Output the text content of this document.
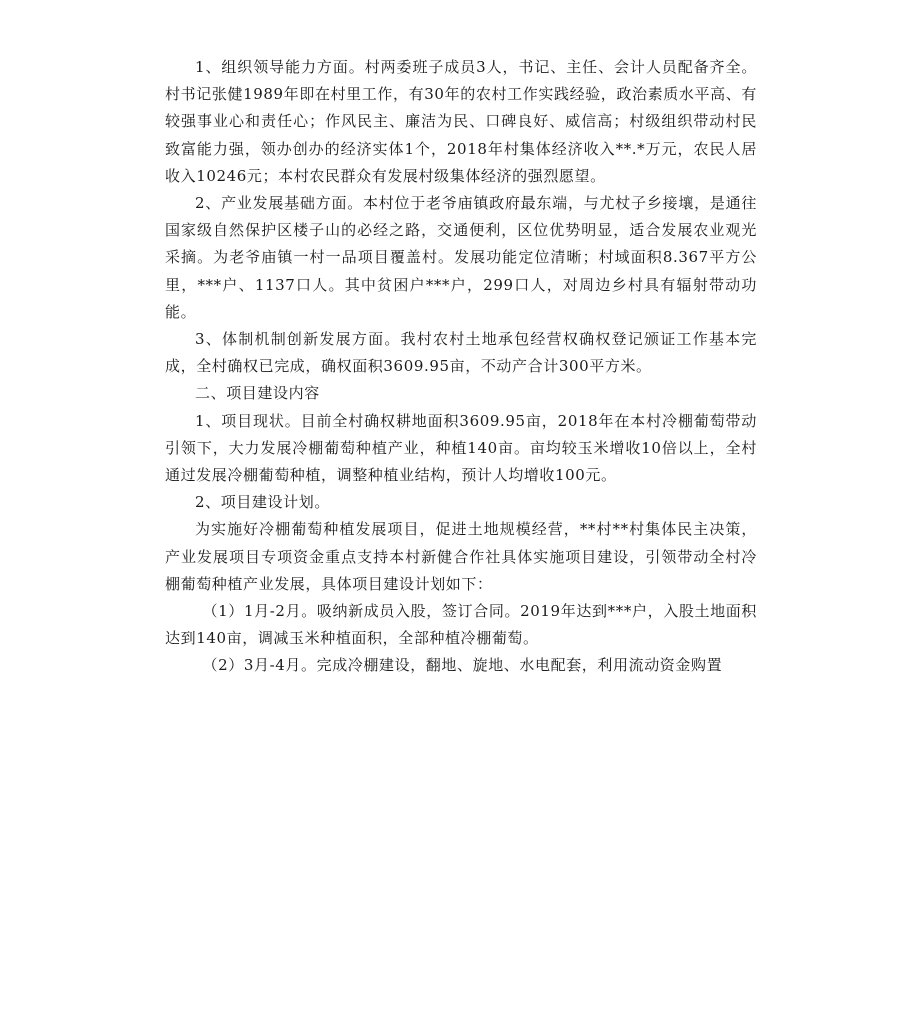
1、组织领导能力方面。村两委班子成员3人，书记、主任、会计人员配备齐全。村书记张健1989年即在村里工作，有30年的农村工作实践经验，政治素质水平高、有较强事业心和责任心；作风民主、廉洁为民、口碑良好、威信高；村级组织带动村民致富能力强，领办创办的经济实体1个，2018年村集体经济收入**.*万元，农民人居收入10246元；本村农民群众有发展村级集体经济的强烈愿望。

2、产业发展基础方面。本村位于老爷庙镇政府最东端，与尤杖子乡接壤，是通往国家级自然保护区楼子山的必经之路，交通便利，区位优势明显，适合发展农业观光采摘。为老爷庙镇一村一品项目覆盖村。发展功能定位清晰；村域面积8.367平方公里，***户、1137口人。其中贫困户***户，299口人，对周边乡村具有辐射带动功能。

3、体制机制创新发展方面。我村农村土地承包经营权确权登记颁证工作基本完成，全村确权已完成，确权面积3609.95亩，不动产合计300平方米。

二、项目建设内容

1、项目现状。目前全村确权耕地面积3609.95亩，2018年在本村冷棚葡萄带动引领下，大力发展冷棚葡萄种植产业，种植140亩。亩均较玉米增收10倍以上，全村通过发展冷棚葡萄种植，调整种植业结构，预计人均增收100元。

2、项目建设计划。

为实施好冷棚葡萄种植发展项目，促进土地规模经营，**村**村集体民主决策，产业发展项目专项资金重点支持本村新健合作社具体实施项目建设，引领带动全村冷棚葡萄种植产业发展，具体项目建设计划如下：

（1）1月-2月。吸纳新成员入股，签订合同。2019年达到***户，入股土地面积达到140亩，调减玉米种植面积，全部种植冷棚葡萄。

（2）3月-4月。完成冷棚建设，翻地、旋地、水电配套，利用流动资金购置
